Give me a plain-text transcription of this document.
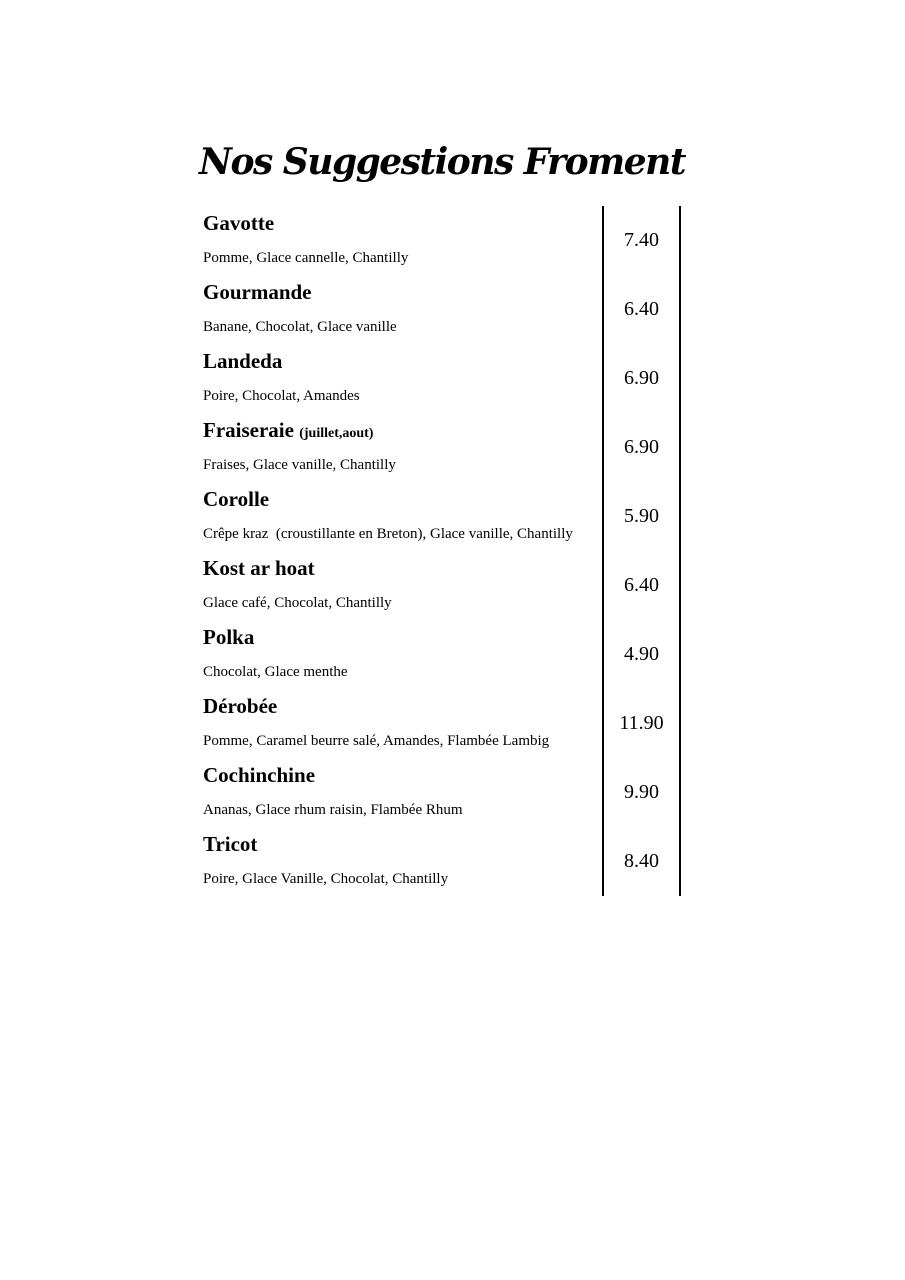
Nos Suggestions Froment
Gavotte
Pomme, Glace cannelle, Chantilly
7.40
Gourmande
Banane, Chocolat, Glace vanille
6.40
Landeda
Poire, Chocolat, Amandes
6.90
Fraiseraie (juillet,aout)
Fraises, Glace vanille, Chantilly
6.90
Corolle
Crêpe kraz  (croustillante en Breton), Glace vanille, Chantilly
5.90
Kost ar hoat
Glace café, Chocolat, Chantilly
6.40
Polka
Chocolat, Glace menthe
4.90
Dérobée
Pomme, Caramel beurre salé, Amandes, Flambée Lambig
11.90
Cochinchine
Ananas, Glace rhum raisin, Flambée Rhum
9.90
Tricot
Poire, Glace Vanille, Chocolat, Chantilly
8.40
